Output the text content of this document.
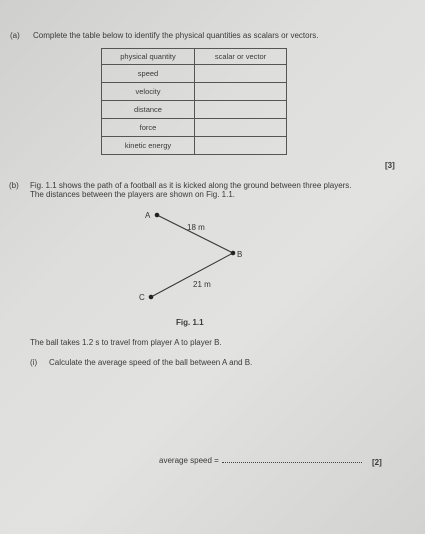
(a) Complete the table below to identify the physical quantities as scalars or vectors.
physical quantity	scalar or vector
speed	
velocity	
distance	
force	
kinetic energy	
[3]
(b) Fig. 1.1 shows the path of a football as it is kicked along the ground between three players.
The distances between the players are shown on Fig. 1.1.
A
B
C
18 m
21 m
Fig. 1.1
The ball takes 1.2 s to travel from player A to player B.
(i) Calculate the average speed of the ball between A and B.
average speed =	[2]
